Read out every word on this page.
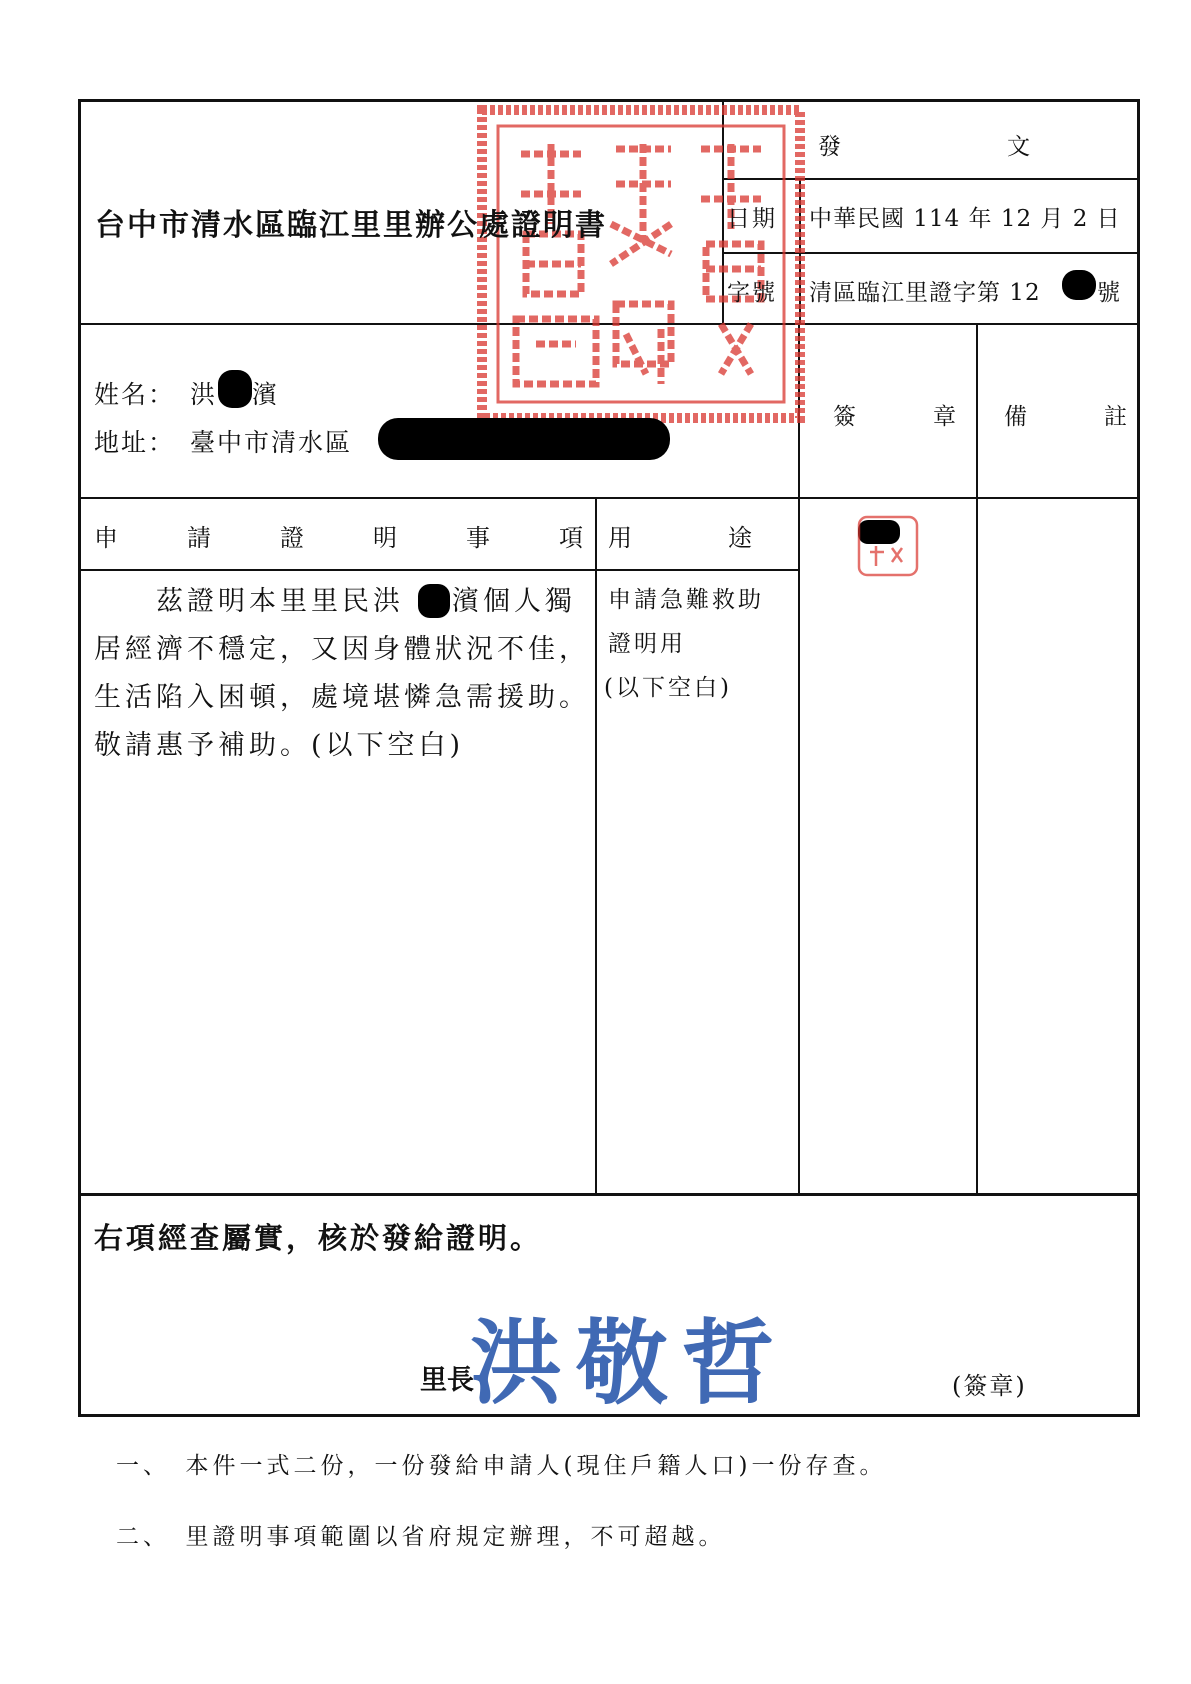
台中市清水區臨江里里辦公處證明書
發　　　　　　文
日期 中華民國 114 年 12 月 2 日
字號 清區臨江里證字第 12 號
姓名： 洪 濱
地址： 臺中市清水區
簽　　　章 備　　　註
申	請	證	明	事	項 用　　　　途
　　茲證明本里里民洪 濱個人獨
居經濟不穩定，又因身體狀況不佳，
生活陷入困頓，處境堪憐急需援助。
敬請惠予補助。(以下空白)
申請急難救助
證明用
(以下空白)
右項經查屬實，核於發給證明。
里長
洪敬哲	(簽章)
一、　本件一式二份，一份發給申請人(現住戶籍人口)一份存查。
二、　里證明事項範圍以省府規定辦理，不可超越。
